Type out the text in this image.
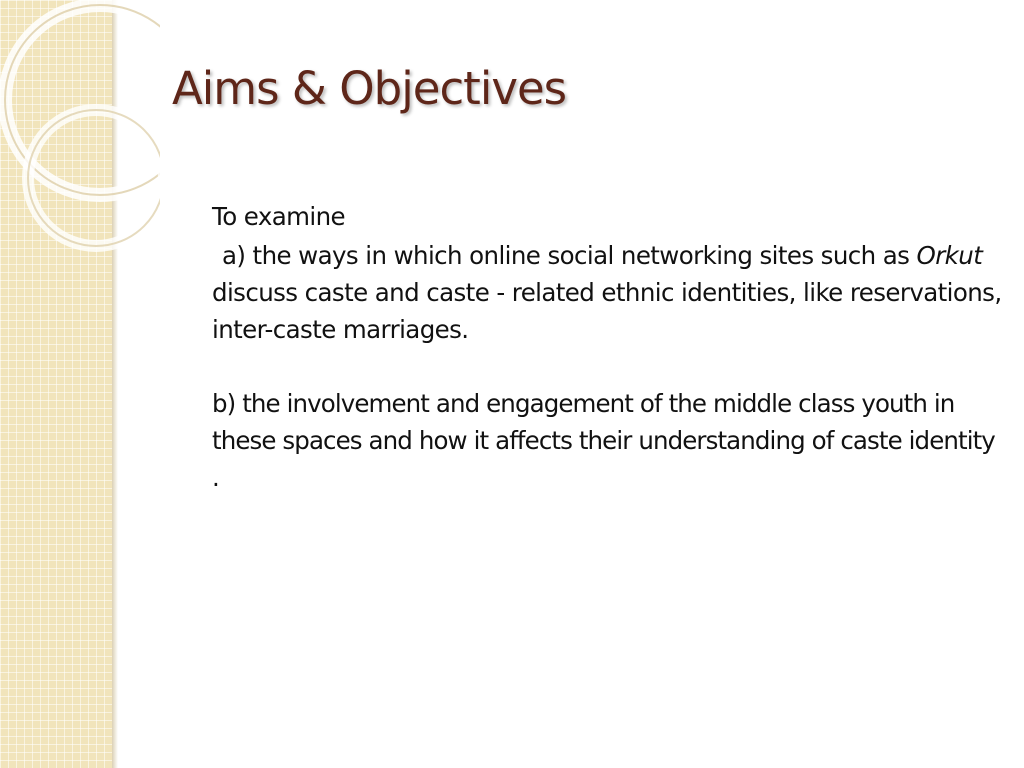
Aims & Objectives

To examine

a) the ways in which online social networking sites such as Orkut discuss caste and caste - related ethnic identities, like reservations, inter-caste marriages.

b) the involvement and engagement of the middle class youth in these spaces and how it affects their understanding of caste identity .
